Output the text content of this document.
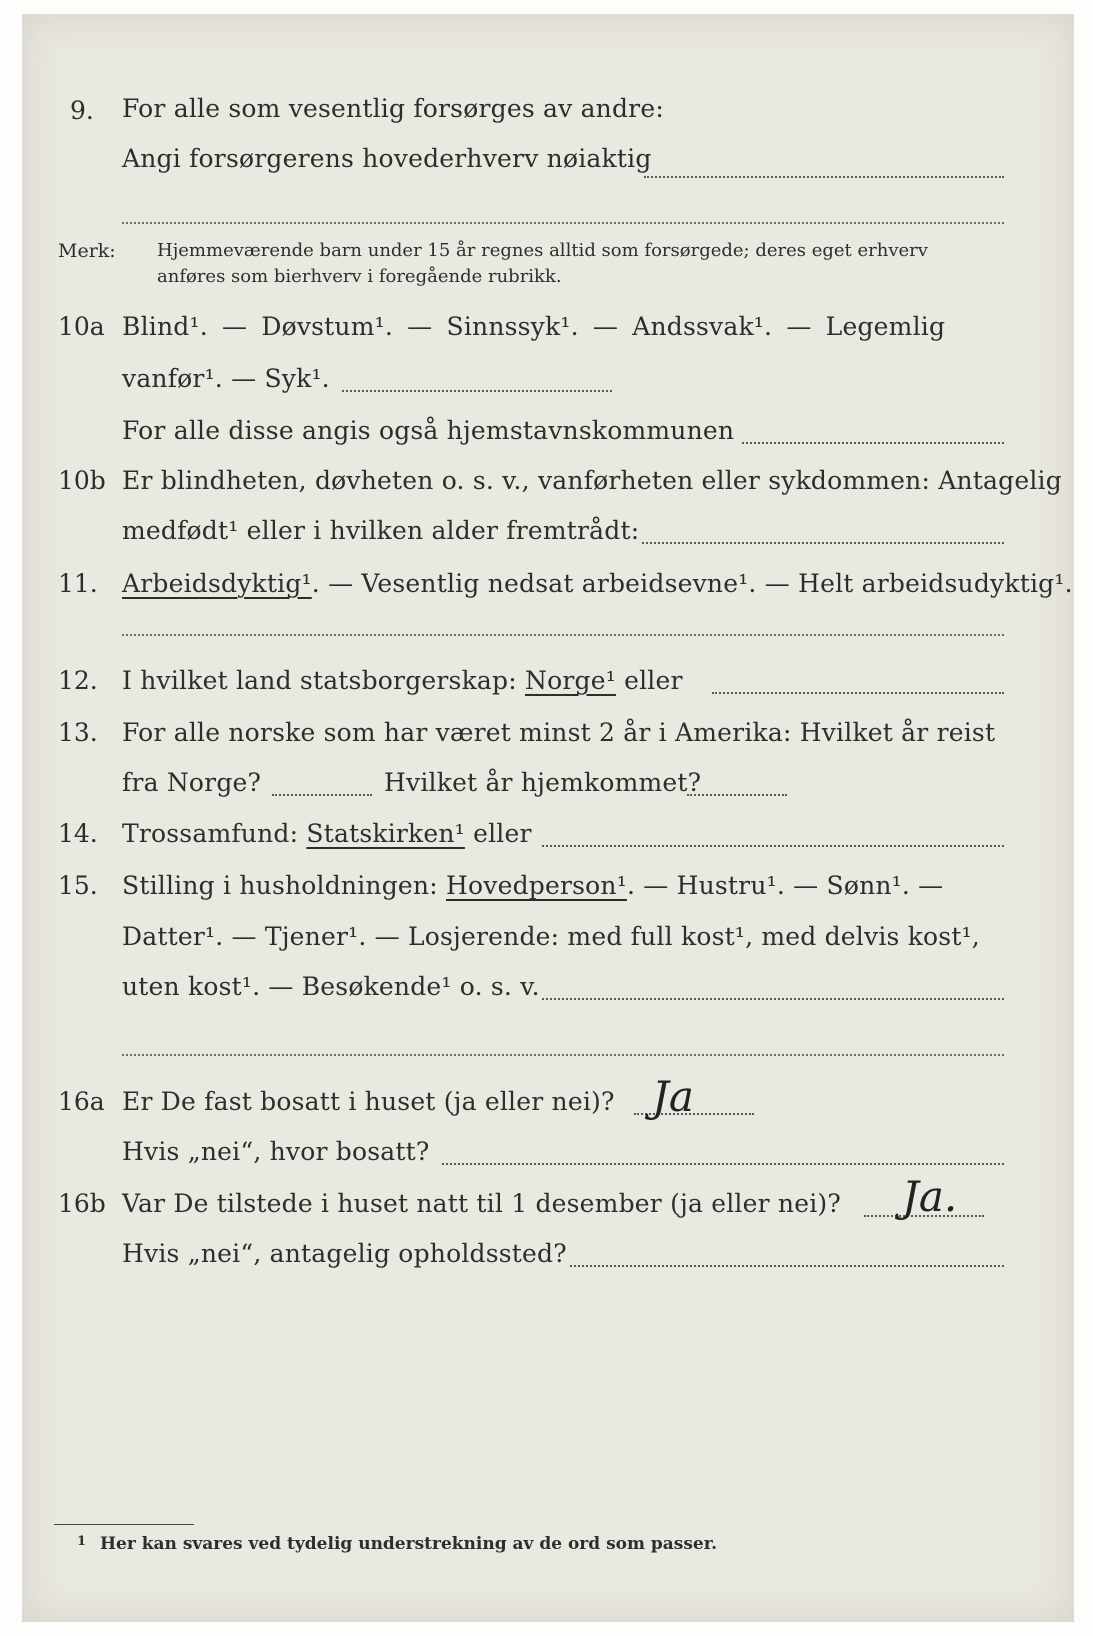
9. For alle som vesentlig forsørges av andre:
Angi forsørgerens hovederhverv nøiaktig
Merk: Hjemmeværende barn under 15 år regnes alltid som forsørgede; deres eget erhverv
anføres som bierhverv i foregående rubrikk.
10a Blind¹. — Døvstum¹. — Sinnssyk¹. — Andssvak¹. — Legemlig
vanfør¹. — Syk¹.
For alle disse angis også hjemstavnskommunen
10b Er blindheten, døvheten o. s. v., vanførheten eller sykdommen: Antagelig
medfødt¹ eller i hvilken alder fremtrådt:
11. Arbeidsdyktig¹. — Vesentlig nedsat arbeidsevne¹. — Helt arbeidsudyktig¹.
12. I hvilket land statsborgerskap: Norge¹ eller
13. For alle norske som har været minst 2 år i Amerika: Hvilket år reist
fra Norge?	Hvilket år hjemkommet?
14. Trossamfund: Statskirken¹ eller
15. Stilling i husholdningen: Hovedperson¹. — Hustru¹. — Sønn¹. —
Datter¹. — Tjener¹. — Losjerende: med full kost¹, med delvis kost¹,
uten kost¹. — Besøkende¹ o. s. v.
16a Er De fast bosatt i huset (ja eller nei)? Ja
Hvis „nei“, hvor bosatt?
16b Var De tilstede i huset natt til 1 desember (ja eller nei)? Ja.
Hvis „nei“, antagelig opholdssted?
1 Her kan svares ved tydelig understrekning av de ord som passer.
